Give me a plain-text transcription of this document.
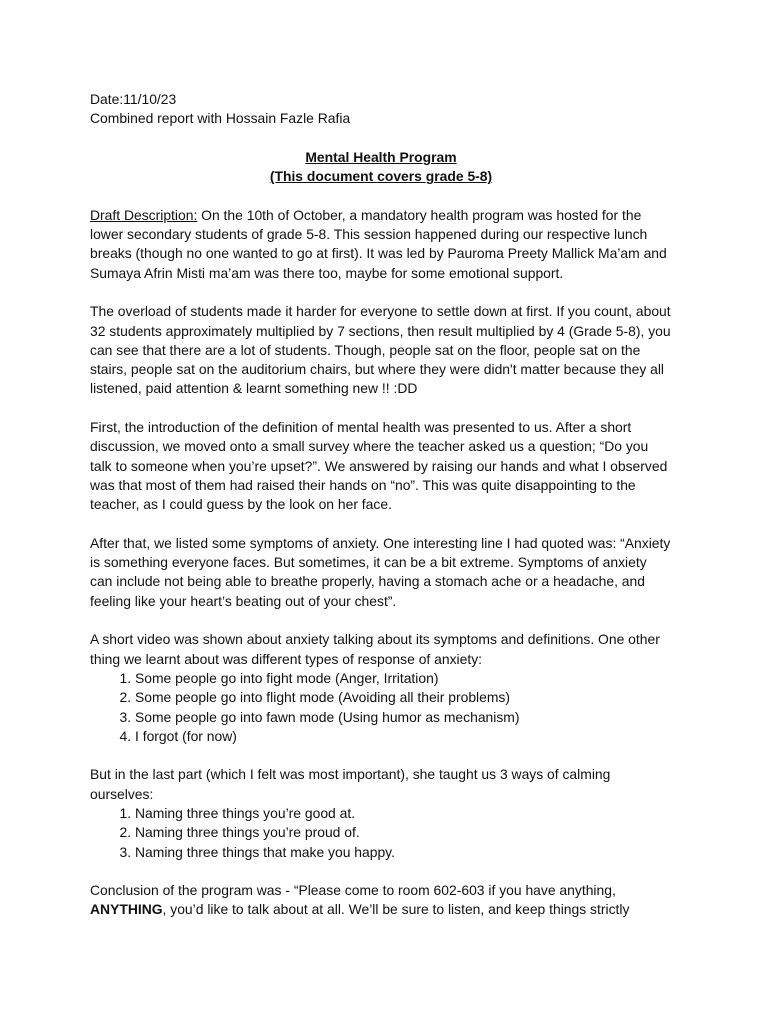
Date:11/10/23

Combined report with Hossain Fazle Rafia

Mental Health Program
(This document covers grade 5-8)

Draft Description: On the 10th of October, a mandatory health program was hosted for the lower secondary students of grade 5-8. This session happened during our respective lunch breaks (though no one wanted to go at first). It was led by Pauroma Preety Mallick Ma’am and Sumaya Afrin Misti ma’am was there too, maybe for some emotional support.

The overload of students made it harder for everyone to settle down at first. If you count, about 32 students approximately multiplied by 7 sections, then result multiplied by 4 (Grade 5-8), you can see that there are a lot of students. Though, people sat on the floor, people sat on the stairs, people sat on the auditorium chairs, but where they were didn't matter because they all listened, paid attention & learnt something new !! :DD

First, the introduction of the definition of mental health was presented to us. After a short discussion, we moved onto a small survey where the teacher asked us a question; “Do you talk to someone when you’re upset?”. We answered by raising our hands and what I observed was that most of them had raised their hands on “no”. This was quite disappointing to the teacher, as I could guess by the look on her face.

After that, we listed some symptoms of anxiety. One interesting line I had quoted was: “Anxiety is something everyone faces. But sometimes, it can be a bit extreme. Symptoms of anxiety can include not being able to breathe properly, having a stomach ache or a headache, and feeling like your heart’s beating out of your chest”.

A short video was shown about anxiety talking about its symptoms and definitions. One other thing we learnt about was different types of response of anxiety:

1. Some people go into fight mode (Anger, Irritation)
2. Some people go into flight mode (Avoiding all their problems)
3. Some people go into fawn mode (Using humor as mechanism)
4. I forgot (for now)

But in the last part (which I felt was most important), she taught us 3 ways of calming ourselves:

1. Naming three things you’re good at.
2. Naming three things you’re proud of.
3. Naming three things that make you happy.

Conclusion of the program was - “Please come to room 602-603 if you have anything, ANYTHING, you’d like to talk about at all. We’ll be sure to listen, and keep things strictly
